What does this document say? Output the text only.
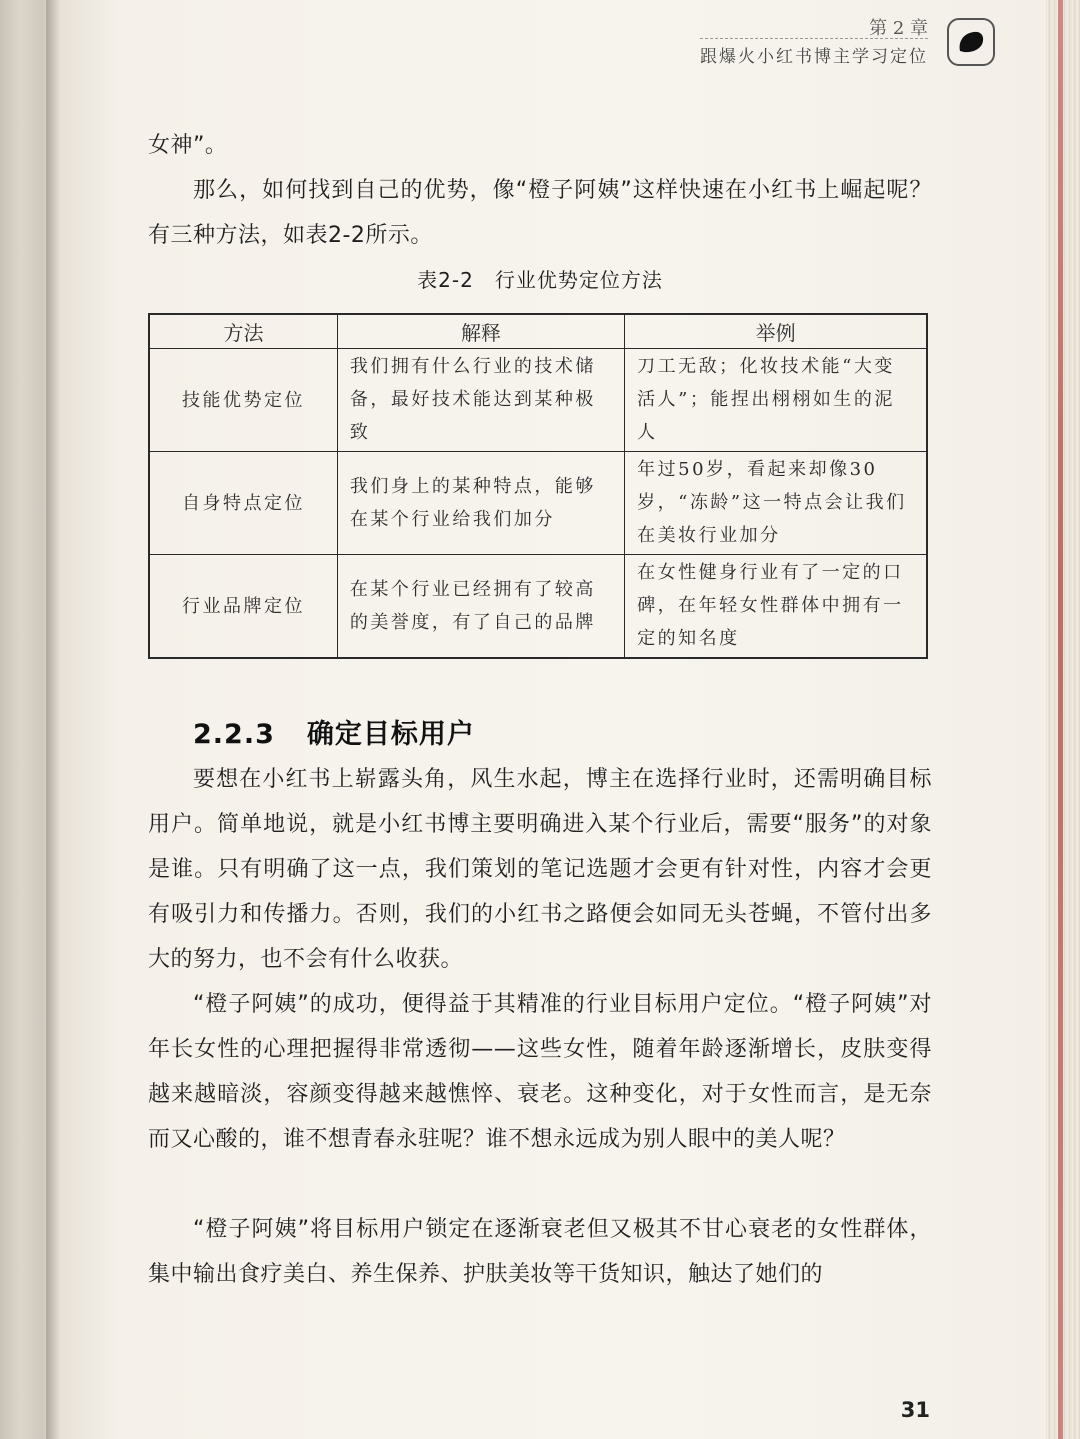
第 2 章
跟爆火小红书博主学习定位
女神”。
那么，如何找到自己的优势，像“橙子阿姨”这样快速在小红书上崛起呢？有三种方法，如表2-2所示。
表2-2　行业优势定位方法
方法	解释	举例
技能优势定位	我们拥有什么行业的技术储备，最好技术能达到某种极致	刀工无敌；化妆技术能“大变活人”；能捏出栩栩如生的泥人
自身特点定位	我们身上的某种特点，能够在某个行业给我们加分	年过50岁，看起来却像30岁，“冻龄”这一特点会让我们在美妆行业加分
行业品牌定位	在某个行业已经拥有了较高的美誉度，有了自己的品牌	在女性健身行业有了一定的口碑，在年轻女性群体中拥有一定的知名度
2.2.3 确定目标用户
要想在小红书上崭露头角，风生水起，博主在选择行业时，还需明确目标用户。简单地说，就是小红书博主要明确进入某个行业后，需要“服务”的对象是谁。只有明确了这一点，我们策划的笔记选题才会更有针对性，内容才会更有吸引力和传播力。否则，我们的小红书之路便会如同无头苍蝇，不管付出多大的努力，也不会有什么收获。
“橙子阿姨”的成功，便得益于其精准的行业目标用户定位。“橙子阿姨”对年长女性的心理把握得非常透彻——这些女性，随着年龄逐渐增长，皮肤变得越来越暗淡，容颜变得越来越憔悴、衰老。这种变化，对于女性而言，是无奈而又心酸的，谁不想青春永驻呢？谁不想永远成为别人眼中的美人呢？
“橙子阿姨”将目标用户锁定在逐渐衰老但又极其不甘心衰老的女性群体，集中输出食疗美白、养生保养、护肤美妆等干货知识，触达了她们的
31
